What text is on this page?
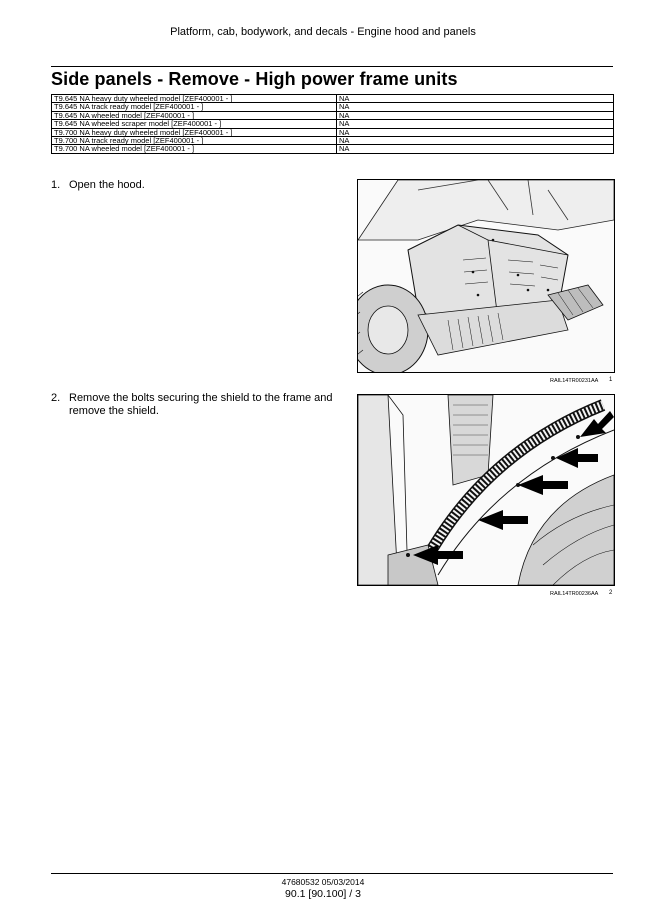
Platform, cab, bodywork, and decals - Engine hood and panels
Side panels - Remove - High power frame units
T9.645 NA heavy duty wheeled model [ZEF400001 - ]	NA
T9.645 NA track ready model [ZEF400001 - ]	NA
T9.645 NA wheeled model [ZEF400001 - ]	NA
T9.645 NA wheeled scraper model [ZEF400001 - ]	NA
T9.700 NA heavy duty wheeled model [ZEF400001 - ]	NA
T9.700 NA track ready model [ZEF400001 - ]	NA
T9.700 NA wheeled model [ZEF400001 - ]	NA
1. Open the hood.
2. Remove the bolts securing the shield to the frame and remove the shield.
RAIL14TR00231AA 1
RAIL14TR00236AA 2
47680532 05/03/2014
90.1 [90.100] / 3
